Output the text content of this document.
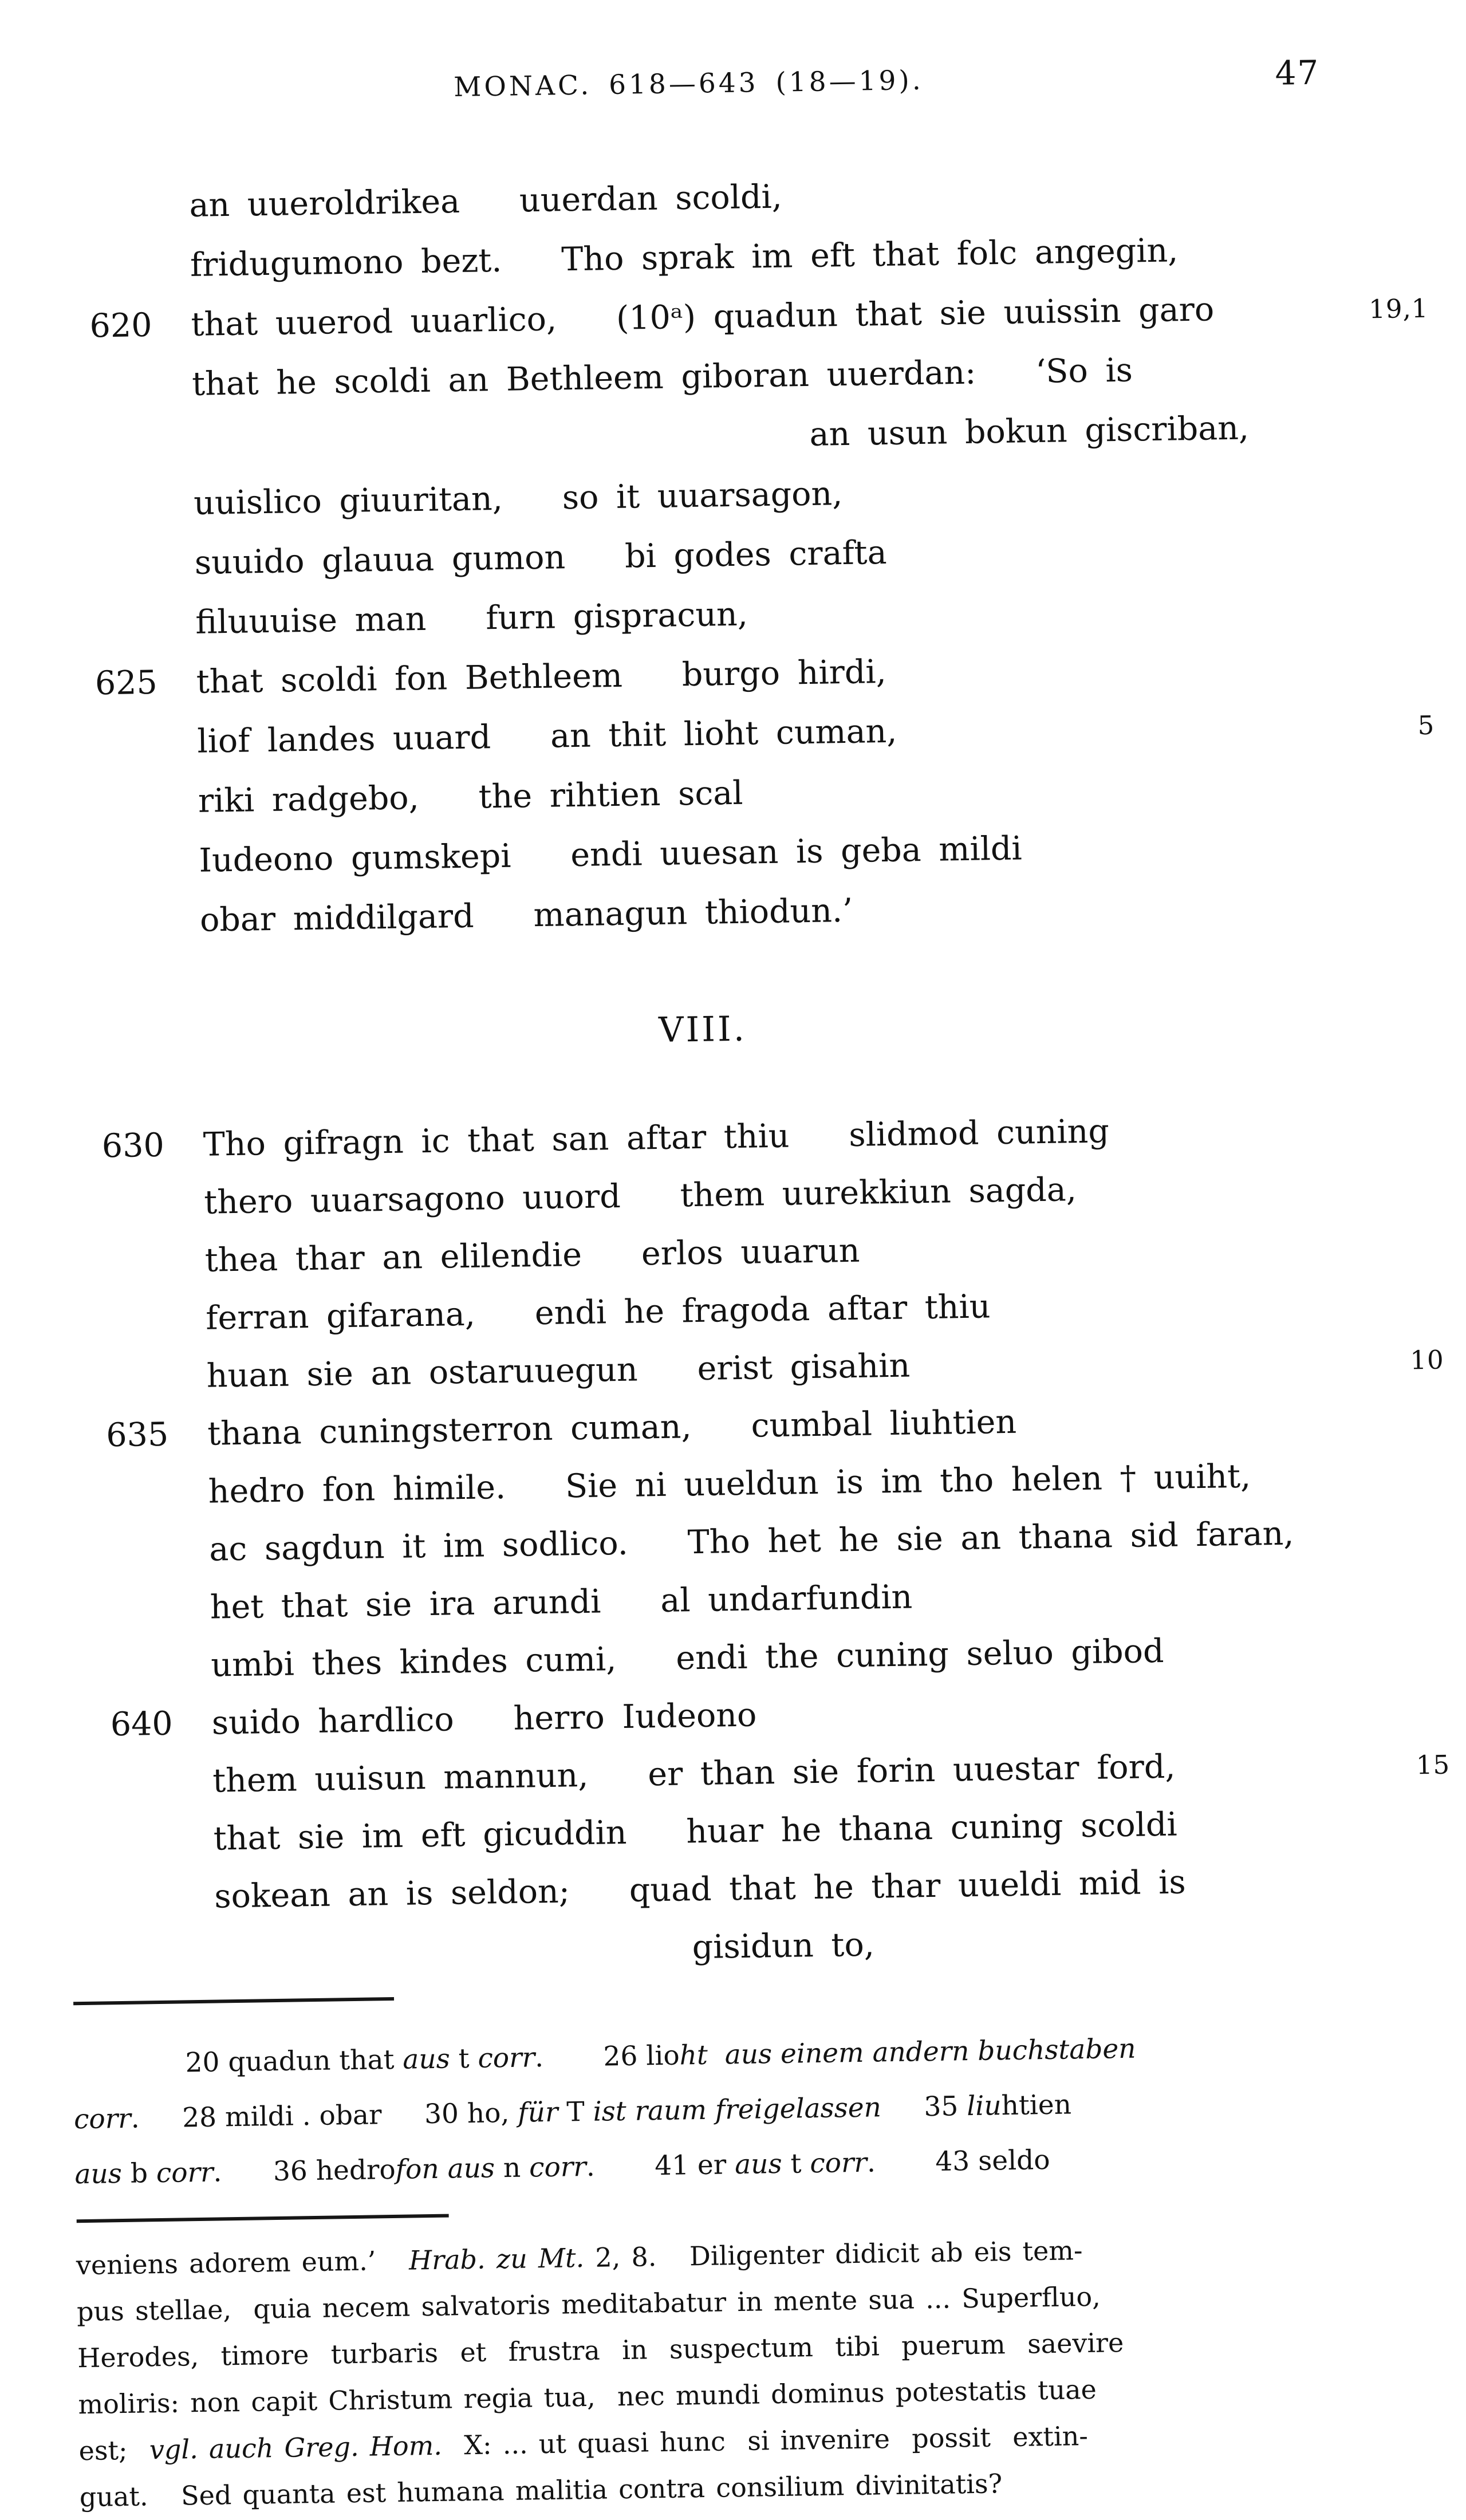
MONAC. 618—643 (18—19).	47
an uueroldrikea uuerdan scoldi,
fridugumono bezt. Tho sprak im eft that folc angegin,
620	that uuerod uuarlico, (10ᵃ) quadun that sie uuissin garo	19,1
that he scoldi an Bethleem giboran uuerdan: ‘So is
an usun bokun giscriban,
uuislico giuuritan, so it uuarsagon,
suuido glauua gumon bi godes crafta
filuuuise man furn gispracun,
625	that scoldi fon Bethleem burgo hirdi,
liof landes uuard an thit lioht cuman,	5
riki radgebo, the rihtien scal
Iudeono gumskepi endi uuesan is geba mildi
obar middilgard managun thiodun.’
VIII.
630	Tho gifragn ic that san aftar thiu slidmod cuning
thero uuarsagono uuord them uurekkiun sagda,
thea thar an elilendie erlos uuarun
ferran gifarana, endi he fragoda aftar thiu
huan sie an ostaruuegun erist gisahin	10
635	thana cuningsterron cuman, cumbal liuhtien
hedro fon himile. Sie ni uueldun is im tho helen † uuiht,
ac sagdun it im sodlico. Tho het he sie an thana sid faran,
het that sie ira arundi al undarfundin
umbi thes kindes cumi, endi the cuning seluo gibod
640	suido hardlico herro Iudeono
them uuisun mannun, er than sie forin uuestar ford,	15
that sie im eft gicuddin huar he thana cuning scoldi
sokean an is seldon; quad that he thar uueldi mid is
gisidun to,
20 quadun that aus t corr.       26 lioht aus einem andern buchstaben
corr.     28 mildi . obar     30 ho, für T ist raum freigelassen     35 liuhtien
aus b corr.      36 hedrofon aus n corr.       41 er aus t corr.       43 seldo
veniens adorem eum.’   Hrab. zu Mt. 2, 8.   Diligenter didicit ab eis tem-
pus stellae,  quia necem salvatoris meditabatur in mente sua ... Superfluo,
Herodes,  timore  turbaris  et  frustra  in  suspectum  tibi  puerum  saevire
moliris: non capit Christum regia tua,  nec mundi dominus potestatis tuae
est;  vgl. auch Greg. Hom.  X: ... ut quasi hunc  si invenire  possit  extin-
guat.   Sed quanta est humana malitia contra consilium divinitatis?
